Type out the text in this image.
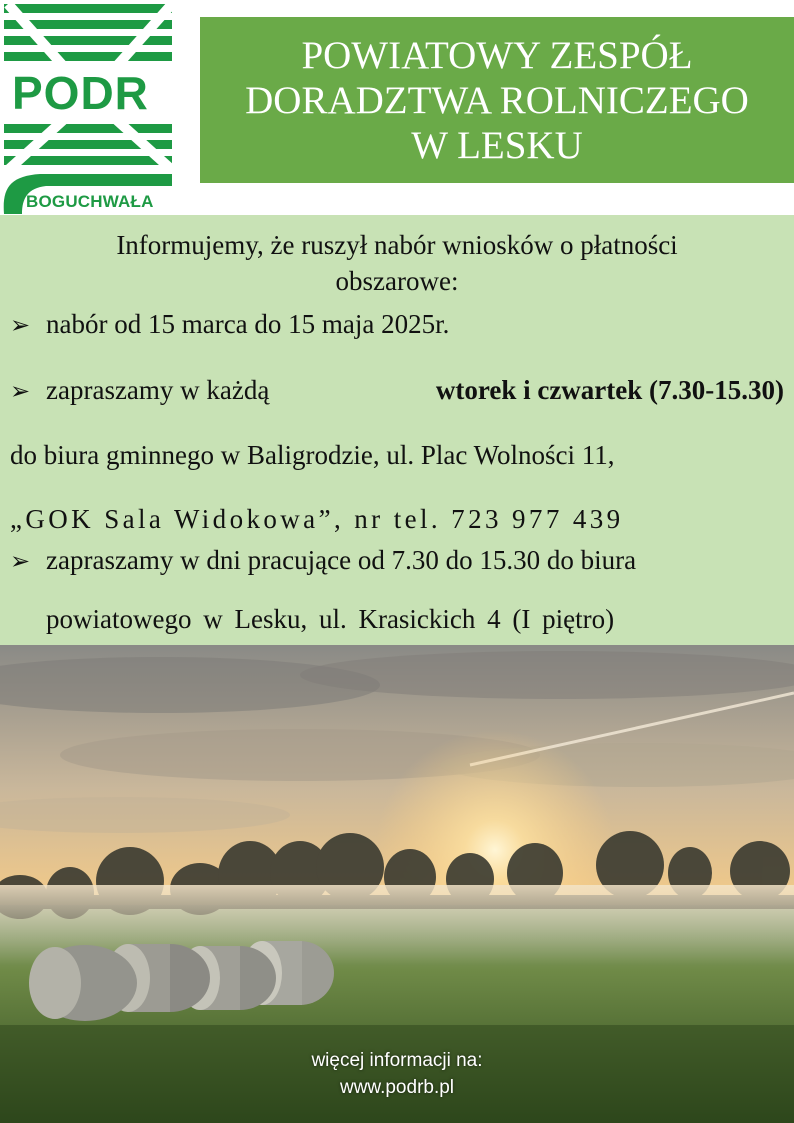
PODR
BOGUCHWAŁA
POWIATOWY ZESPÓŁ
DORADZTWA ROLNICZEGO
W LESKU
Informujemy, że ruszył nabór wniosków o płatności
obszarowe:
➢ nabór od 15 marca do 15 maja 2025r.
➢ zapraszamy w każdą	wtorek i czwartek (7.30-15.30)
do biura gminnego w Baligrodzie, ul. Plac Wolności 11,
„GOK Sala Widokowa”, nr tel. 723 977 439
➢ zapraszamy w dni pracujące od 7.30 do 15.30 do biura
powiatowego w Lesku, ul. Krasickich 4 (I piętro)
więcej informacji na:
www.podrb.pl
